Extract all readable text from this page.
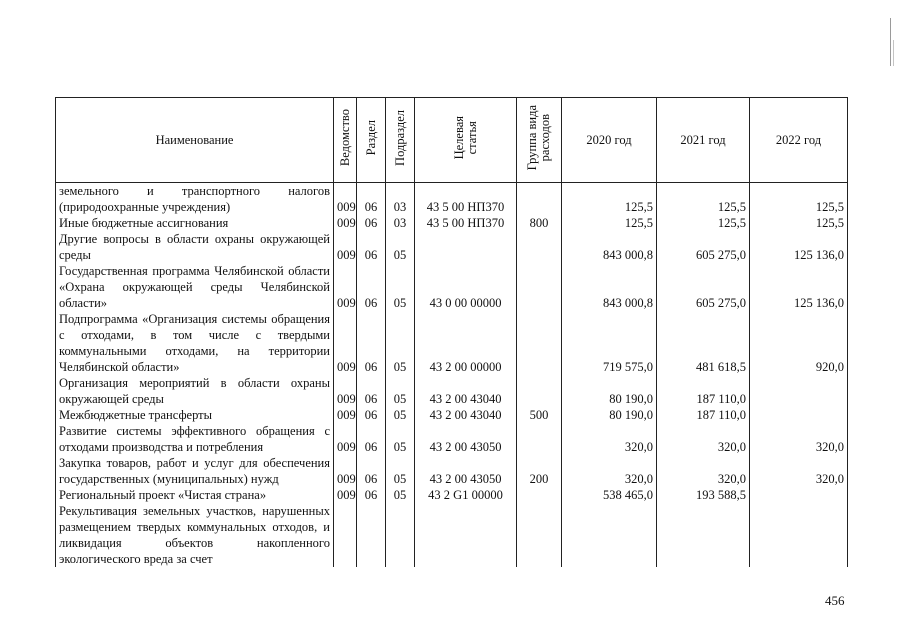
Наименование	Ведомство	Раздел	Подраздел	Целевая
статья	Группа вида
расходов	2020 год	2021 год	2022 год
земельного и транспортного налогов (природоохранные учреждения)	009	06	03	43 5 00 НП370		125,5	125,5	125,5
Иные бюджетные ассигнования	009	06	03	43 5 00 НП370	800	125,5	125,5	125,5
Другие вопросы в области охраны окружающей среды	009	06	05			843 000,8	605 275,0	125 136,0
Государственная программа Челябинской области «Охрана окружающей среды Челябинской области»	009	06	05	43 0 00 00000		843 000,8	605 275,0	125 136,0
Подпрограмма «Организация системы обращения с отходами, в том числе с твердыми коммунальными отходами, на территории Челябинской области»	009	06	05	43 2 00 00000		719 575,0	481 618,5	920,0
Организация мероприятий в области охраны окружающей среды	009	06	05	43 2 00 43040		80 190,0	187 110,0	
Межбюджетные трансферты	009	06	05	43 2 00 43040	500	80 190,0	187 110,0	
Развитие системы эффективного обращения с отходами производства и потребления	009	06	05	43 2 00 43050		320,0	320,0	320,0
Закупка товаров, работ и услуг для обеспечения государственных (муниципальных) нужд	009	06	05	43 2 00 43050	200	320,0	320,0	320,0
Региональный проект «Чистая страна»	009	06	05	43 2 G1 00000		538 465,0	193 588,5	
Рекультивация земельных участков, нарушенных размещением твердых коммунальных отходов, и ликвидация объектов накопленного экологического вреда за счет								
456
